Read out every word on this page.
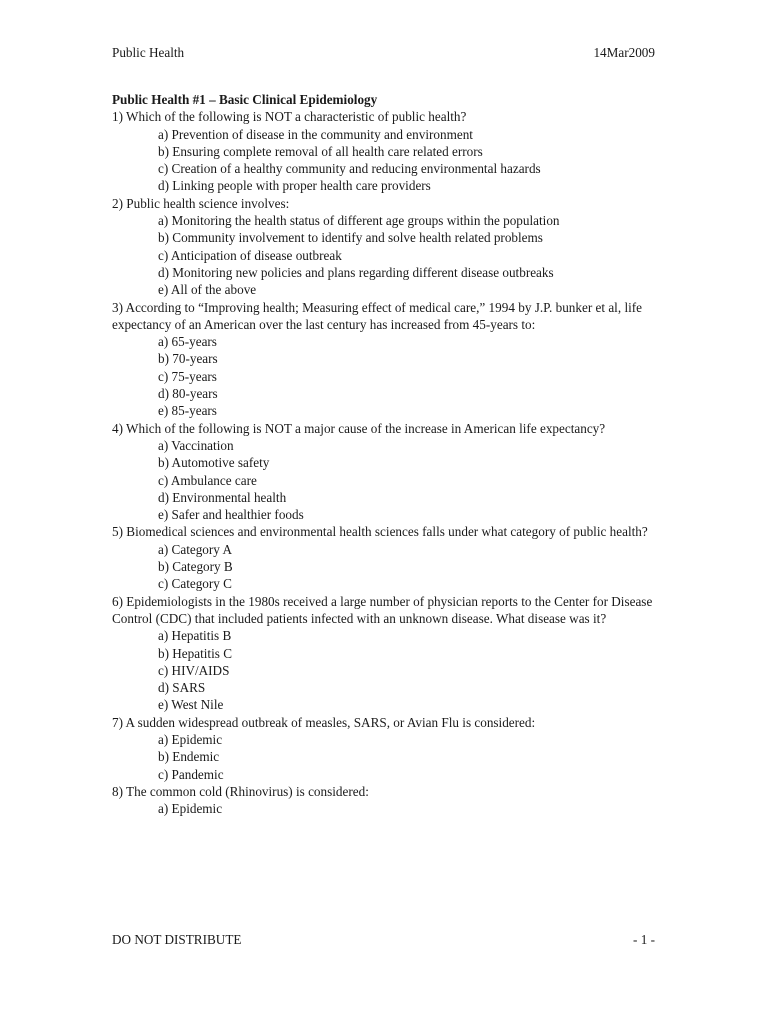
Public Health	14Mar2009
Public Health #1 – Basic Clinical Epidemiology
1) Which of the following is NOT a characteristic of public health?
a) Prevention of disease in the community and environment
b) Ensuring complete removal of all health care related errors
c) Creation of a healthy community and reducing environmental hazards
d) Linking people with proper health care providers
2) Public health science involves:
a) Monitoring the health status of different age groups within the population
b) Community involvement to identify and solve health related problems
c) Anticipation of disease outbreak
d) Monitoring new policies and plans regarding different disease outbreaks
e) All of the above
3) According to “Improving health; Measuring effect of medical care,” 1994 by J.P. bunker et al, life expectancy of an American over the last century has increased from 45-years to:
a) 65-years
b) 70-years
c) 75-years
d) 80-years
e) 85-years
4) Which of the following is NOT a major cause of the increase in American life expectancy?
a) Vaccination
b) Automotive safety
c) Ambulance care
d) Environmental health
e) Safer and healthier foods
5) Biomedical sciences and environmental health sciences falls under what category of public health?
a) Category A
b) Category B
c) Category C
6) Epidemiologists in the 1980s received a large number of physician reports to the Center for Disease Control (CDC) that included patients infected with an unknown disease. What disease was it?
a) Hepatitis B
b) Hepatitis C
c) HIV/AIDS
d) SARS
e) West Nile
7) A sudden widespread outbreak of measles, SARS, or Avian Flu is considered:
a) Epidemic
b) Endemic
c) Pandemic
8) The common cold (Rhinovirus) is considered:
a) Epidemic
DO NOT DISTRIBUTE	- 1 -
